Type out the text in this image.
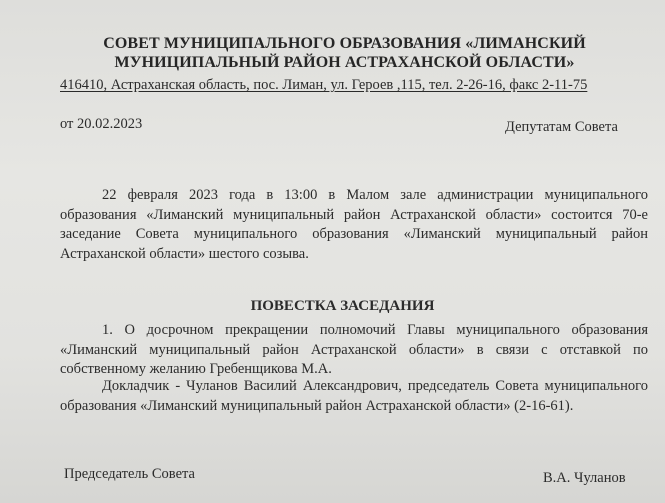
СОВЕТ МУНИЦИПАЛЬНОГО ОБРАЗОВАНИЯ «ЛИМАНСКИЙ
МУНИЦИПАЛЬНЫЙ РАЙОН АСТРАХАНСКОЙ ОБЛАСТИ»
416410, Астраханская область, пос. Лиман, ул. Героев ,115, тел. 2-26-16, факс 2-11-75
от 20.02.2023	Депутатам Совета

22 февраля 2023 года в 13:00 в Малом зале администрации муниципального образования «Лиманский муниципальный район Астраханской области» состоится 70-е заседание Совета муниципального образования «Лиманский муниципальный район Астраханской области» шестого созыва.

ПОВЕСТКА ЗАСЕДАНИЯ

1. О досрочном прекращении полномочий Главы муниципального образования «Лиманский муниципальный район Астраханской области» в связи с отставкой по собственному желанию Гребенщикова М.А.

Докладчик - Чуланов Василий Александрович, председатель Совета муниципального образования «Лиманский муниципальный район Астраханской области» (2-16-61).

Председатель Совета	В.А. Чуланов
